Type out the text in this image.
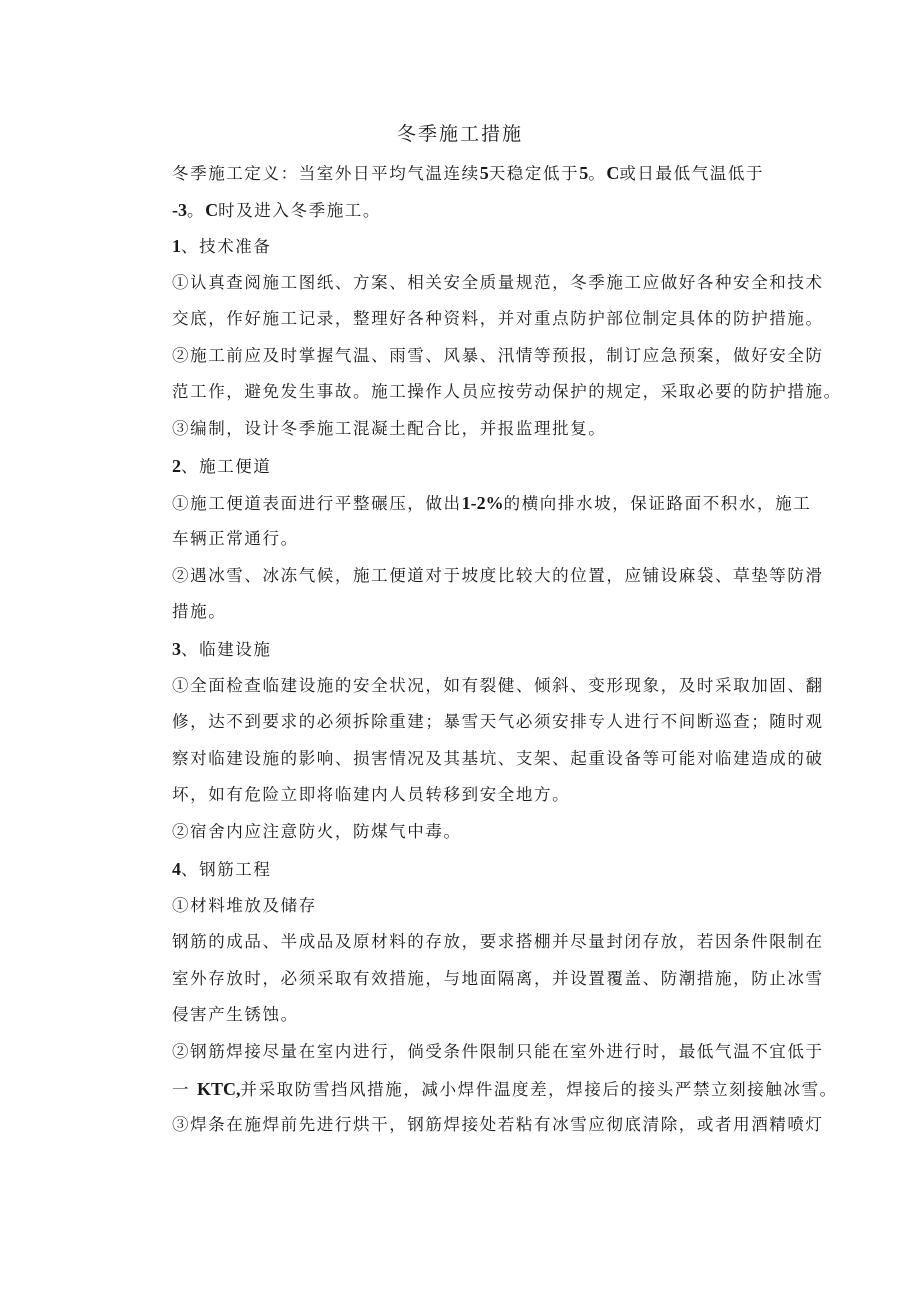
冬季施工措施

冬季施工定义：当室外日平均气温连续5天稳定低于5。C或日最低气温低于

-3。C时及进入冬季施工。

1、技术准备

①认真查阅施工图纸、方案、相关安全质量规范，冬季施工应做好各种安全和技术

交底，作好施工记录，整理好各种资料，并对重点防护部位制定具体的防护措施。

②施工前应及时掌握气温、雨雪、风暴、汛情等预报，制订应急预案，做好安全防

范工作，避免发生事故。施工操作人员应按劳动保护的规定，采取必要的防护措施。

③编制，设计冬季施工混凝土配合比，并报监理批复。

2、施工便道

①施工便道表面进行平整碾压，做出1-2%的横向排水坡，保证路面不积水，施工

车辆正常通行。

②遇冰雪、冰冻气候，施工便道对于坡度比较大的位置，应铺设麻袋、草垫等防滑

措施。

3、临建设施

①全面检查临建设施的安全状况，如有裂健、倾斜、变形现象，及时采取加固、翻

修，达不到要求的必须拆除重建；暴雪天气必须安排专人进行不间断巡查；随时观

察对临建设施的影响、损害情况及其基坑、支架、起重设备等可能对临建造成的破

坏，如有危险立即将临建内人员转移到安全地方。

②宿舍内应注意防火，防煤气中毒。

4、钢筋工程

①材料堆放及储存

钢筋的成品、半成品及原材料的存放，要求搭棚并尽量封闭存放，若因条件限制在

室外存放时，必须采取有效措施，与地面隔离，并设置覆盖、防潮措施，防止冰雪

侵害产生锈蚀。

②钢筋焊接尽量在室内进行，倘受条件限制只能在室外进行时，最低气温不宜低于

一 KTC,并采取防雪挡风措施，减小焊件温度差，焊接后的接头严禁立刻接触冰雪。

③焊条在施焊前先进行烘干，钢筋焊接处若粘有冰雪应彻底清除，或者用酒精喷灯
